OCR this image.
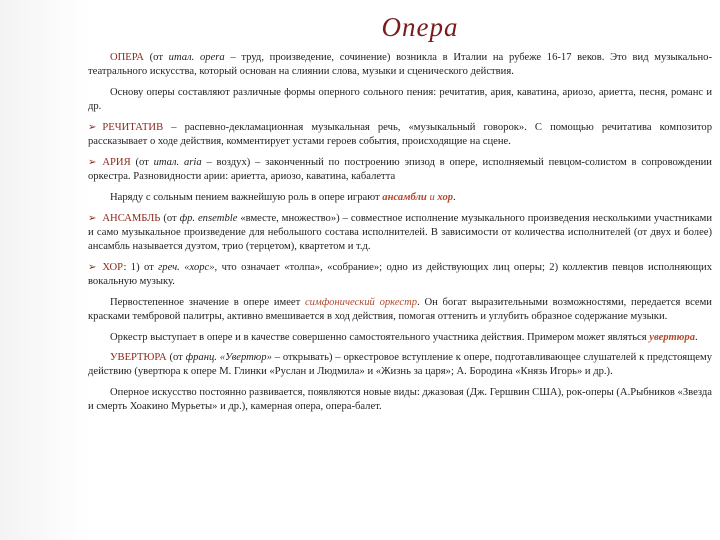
Опера

ОПЕРА (от итал. opera – труд, произведение, сочинение) возникла в Италии на рубеже 16-17 веков. Это вид музыкально-театрального искусства, который основан на слиянии слова, музыки и сценического действия.

Основу оперы составляют различные формы оперного сольного пения: речитатив, ария, каватина, ариозо, ариетта, песня, романс и др.

➢ РЕЧИТАТИВ – распевно-декламационная музыкальная речь, «музыкальный говорок». С помощью речитатива композитор рассказывает о ходе действия, комментирует устами героев события, происходящие на сцене.

➢ АРИЯ (от итал. aria – воздух) – законченный по построению эпизод в опере, исполняемый певцом-солистом в сопровождении оркестра. Разновидности арии: ариетта, ариозо, каватина, кабалетта

Наряду с сольным пением важнейшую роль в опере играют ансамбли и хор.

➢ АНСАМБЛЬ (от фр. ensemble «вместе, множество») – совместное исполнение музыкального произведения несколькими участниками и само музыкальное произведение для небольшого состава исполнителей. В зависимости от количества исполнителей (от двух и более) ансамбль называется дуэтом, трио (терцетом), квартетом и т.д.

➢ ХОР: 1) от греч. «хорс», что означает «толпа», «собрание»; одно из действующих лиц оперы; 2) коллектив певцов исполняющих вокальную музыку.

Первостепенное значение в опере имеет симфонический оркестр. Он богат выразительными возможностями, передается всеми красками тембровой палитры, активно вмешивается в ход действия, помогая оттенить и углубить образное содержание музыки.

Оркестр выступает в опере и в качестве совершенно самостоятельного участника действия. Примером может являться увертюра.

УВЕРТЮРА (от франц. «Увертюр» – открывать) – оркестровое вступление к опере, подготавливающее слушателей к предстоящему действию (увертюра к опере М. Глинки «Руслан и Людмила» и «Жизнь за царя»; А. Бородина «Князь Игорь» и др.).

Оперное искусство постоянно развивается, появляются новые виды: джазовая (Дж. Гершвин США), рок-оперы (А.Рыбников «Звезда и смерть Хоакино Мурьеты» и др.), камерная опера, опера-балет.
